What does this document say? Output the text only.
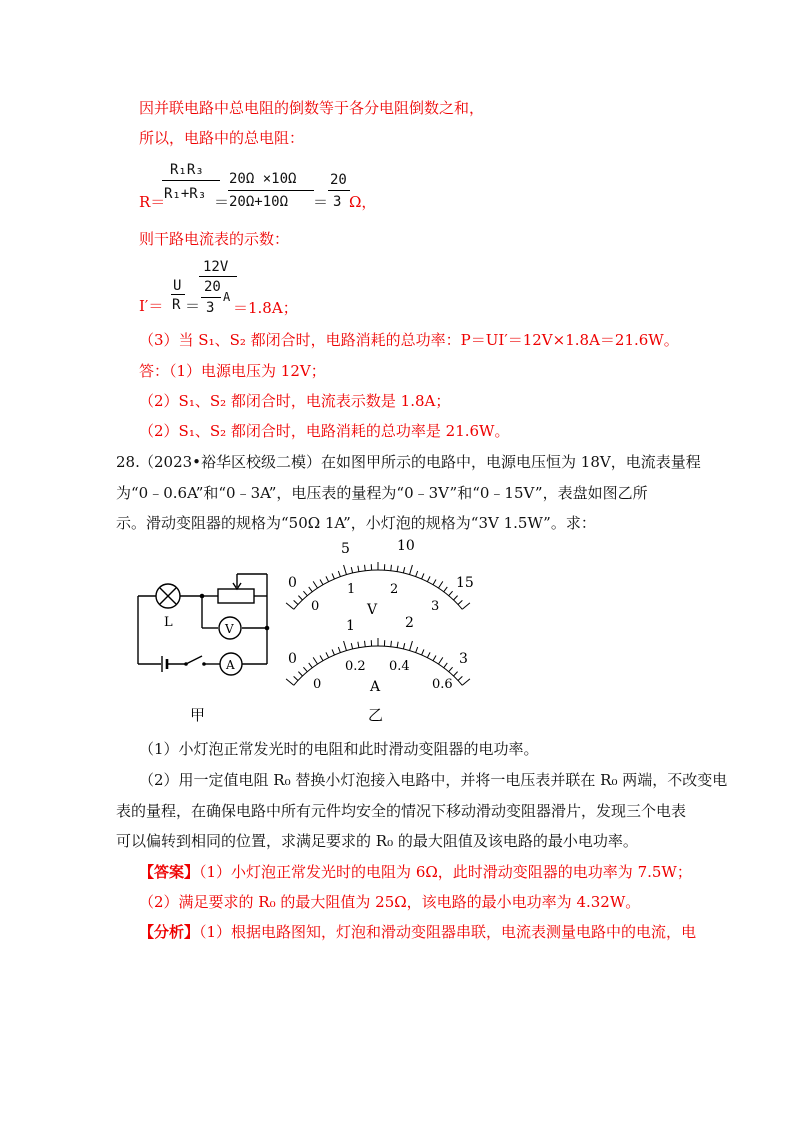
因并联电路中总电阻的倒数等于各分电阻倒数之和，
所以，电路中的总电阻：
R＝
R₁R₃
R₁+R₃ ＝
20Ω ×10Ω
20Ω+10Ω ＝
20
3 Ω，
则干路电流表的示数：
I′＝
U
R ＝
12V
20
3
A
＝1.8A；
（3）当 S₁、S₂ 都闭合时，电路消耗的总功率：P＝UI′＝12V×1.8A＝21.6W。
答：（1）电源电压为 12V；
（2）S₁、S₂ 都闭合时，电流表示数是 1.8A；
（2）S₁、S₂ 都闭合时，电路消耗的总功率是 21.6W。
28. （2023•裕华区校级二模）在如图甲所示的电路中，电源电压恒为 18V，电流表量程
为“0﹣0.6A”和“0﹣3A”，电压表的量程为“0﹣3V”和“0﹣15V”，表盘如图乙所
示。滑动变阻器的规格为“50Ω 1A”，小灯泡的规格为“3V 1.5W”。求：
L	V
A
甲
0
5	10
15
0
1	2
3
V
0
1	2
3
0
0.2 0.4
0.6
A
乙
（1）小灯泡正常发光时的电阻和此时滑动变阻器的电功率。
（2）用一定值电阻 R₀ 替换小灯泡接入电路中，并将一电压表并联在 R₀ 两端，不改变电
表的量程，在确保电路中所有元件均安全的情况下移动滑动变阻器滑片，发现三个电表
可以偏转到相同的位置，求满足要求的 R₀ 的最大阻值及该电路的最小电功率。
【答案】（1）小灯泡正常发光时的电阻为 6Ω，此时滑动变阻器的电功率为 7.5W；
（2）满足要求的 R₀ 的最大阻值为 25Ω，该电路的最小电功率为 4.32W。
【分析】（1）根据电路图知，灯泡和滑动变阻器串联，电流表测量电路中的电流，电
